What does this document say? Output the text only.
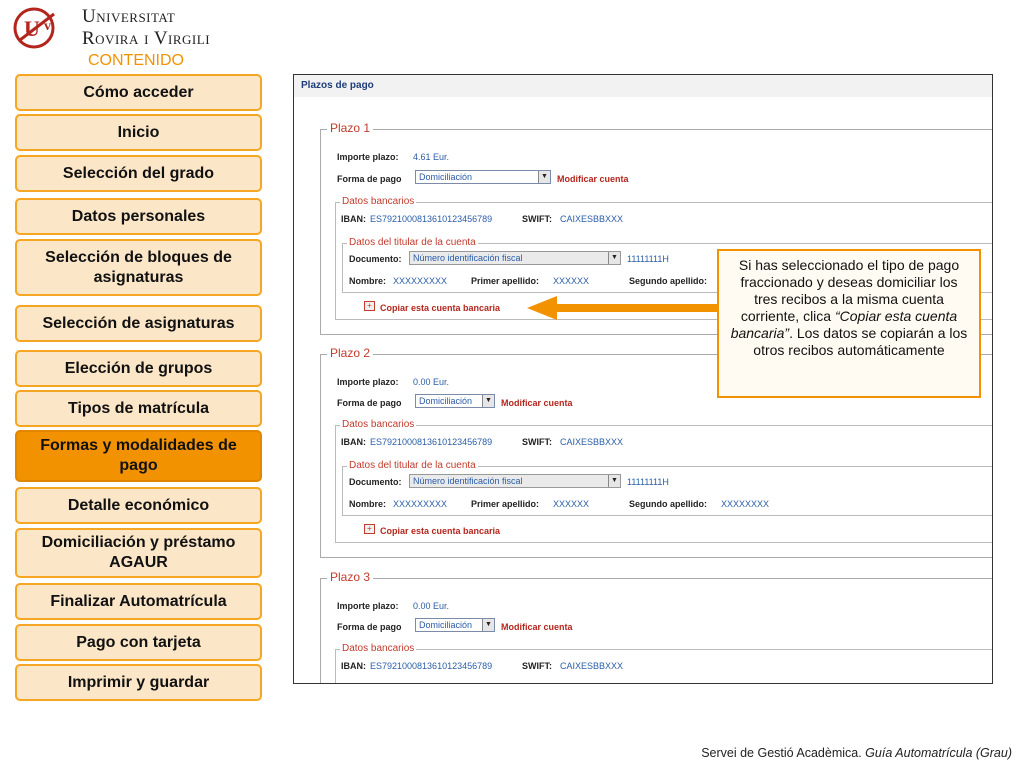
U v Universitat
Rovira i Virgili
CONTENIDO
Cómo acceder
Inicio
Selección del grado
Datos personales
Selección de bloques de asignaturas
Selección de asignaturas
Elección de grupos
Tipos de matrícula
Formas y modalidades de pago
Detalle económico
Domiciliación y préstamo AGAUR
Finalizar Automatrícula
Pago con tarjeta
Imprimir y guardar
Plazos de pago
Plazo 1
Importe plazo: 4.61 Eur.
Forma de pago	Domiciliación	▼ Modificar cuenta
Datos bancarios
IBAN: ES7921000813610123456789	SWIFT: CAIXESBBXXX
Datos del titular de la cuenta
Documento:	Número identificación fiscal	▼ 11111111H
Nombre: XXXXXXXXX	Primer apellido: XXXXXX	Segundo apellido:
+ Copiar esta cuenta bancaria
Plazo 2
Importe plazo: 0.00 Eur.
Forma de pago	Domiciliación	▼ Modificar cuenta
Datos bancarios
IBAN: ES7921000813610123456789	SWIFT: CAIXESBBXXX
Datos del titular de la cuenta
Documento:	Número identificación fiscal	▼ 11111111H
Nombre: XXXXXXXXX	Primer apellido: XXXXXX	Segundo apellido: XXXXXXXX
+ Copiar esta cuenta bancaria
Plazo 3
Importe plazo: 0.00 Eur.
Forma de pago	Domiciliación	▼ Modificar cuenta
Datos bancarios
IBAN: ES7921000813610123456789	SWIFT: CAIXESBBXXX
Si has seleccionado el tipo de pago fraccionado y deseas domiciliar los tres recibos a la misma cuenta corriente, clica “Copiar esta cuenta bancaria”. Los datos se copiarán a los otros recibos automáticamente
Servei de Gestió Acadèmica. Guía Automatrícula (Grau)
